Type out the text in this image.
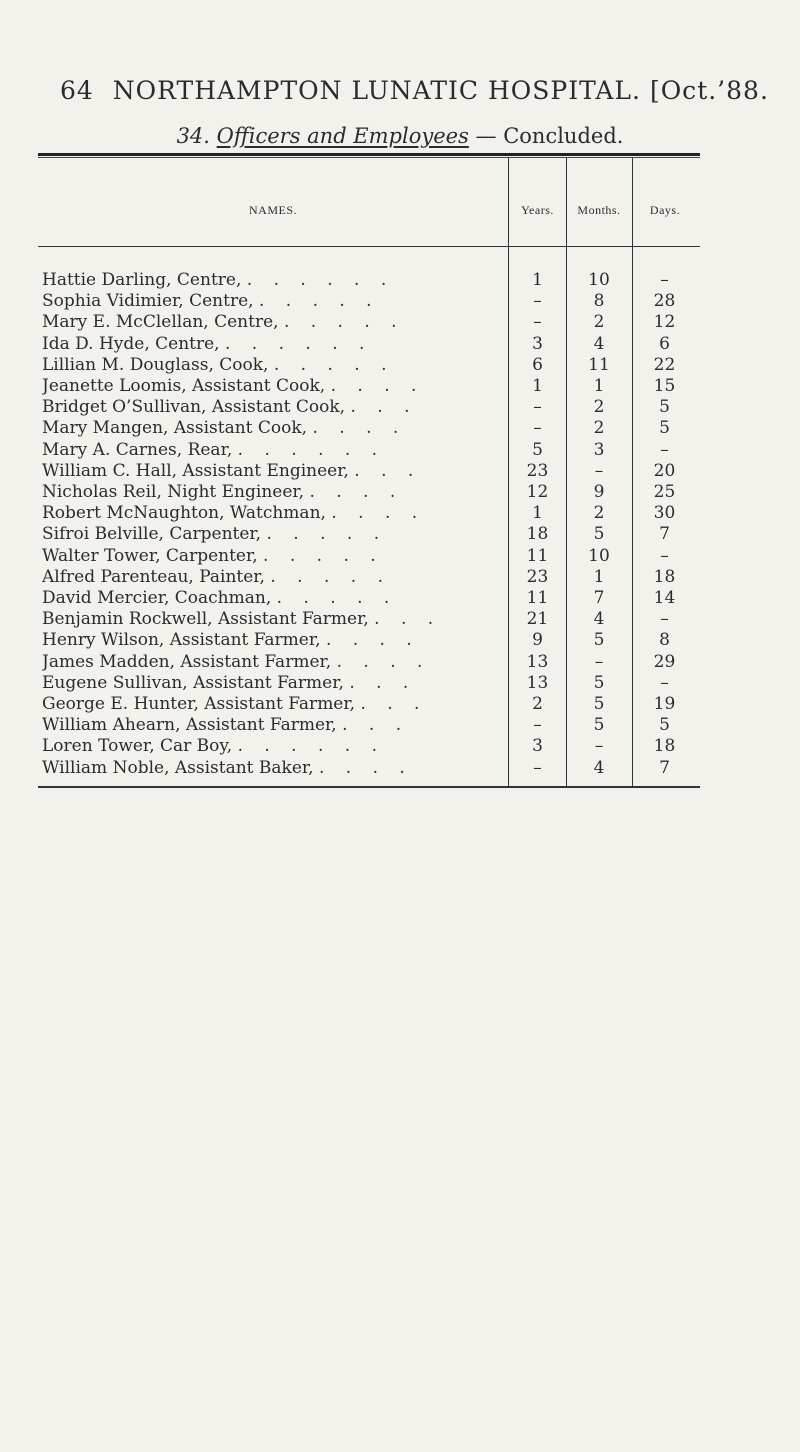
64 NORTHAMPTON LUNATIC HOSPITAL. [Oct.’88.
34. Officers and Employees — Concluded.
NAMES.	Years.	Months.	Days.
Hattie Darling, Centre, . . . . . .	1	10	–
Sophia Vidimier, Centre, . . . . .	–	8	28
Mary E. McClellan, Centre, . . . . .	–	2	12
Ida D. Hyde, Centre, . . . . . .	3	4	6
Lillian M. Douglass, Cook, . . . . .	6	11	22
Jeanette Loomis, Assistant Cook, . . . .	1	1	15
Bridget O’Sullivan, Assistant Cook, . . .	–	2	5
Mary Mangen, Assistant Cook, . . . .	–	2	5
Mary A. Carnes, Rear, . . . . . .	5	3	–
William C. Hall, Assistant Engineer, . . .	23	–	20
Nicholas Reil, Night Engineer, . . . .	12	9	25
Robert McNaughton, Watchman, . . . .	1	2	30
Sifroi Belville, Carpenter, . . . . .	18	5	7
Walter Tower, Carpenter, . . . . .	11	10	–
Alfred Parenteau, Painter, . . . . .	23	1	18
David Mercier, Coachman, . . . . .	11	7	14
Benjamin Rockwell, Assistant Farmer, . . .	21	4	–
Henry Wilson, Assistant Farmer, . . . .	9	5	8
James Madden, Assistant Farmer, . . . .	13	–	29
Eugene Sullivan, Assistant Farmer, . . .	13	5	–
George E. Hunter, Assistant Farmer, . . .	2	5	19
William Ahearn, Assistant Farmer, . . .	–	5	5
Loren Tower, Car Boy, . . . . . .	3	–	18
William Noble, Assistant Baker, . . . .	–	4	7
